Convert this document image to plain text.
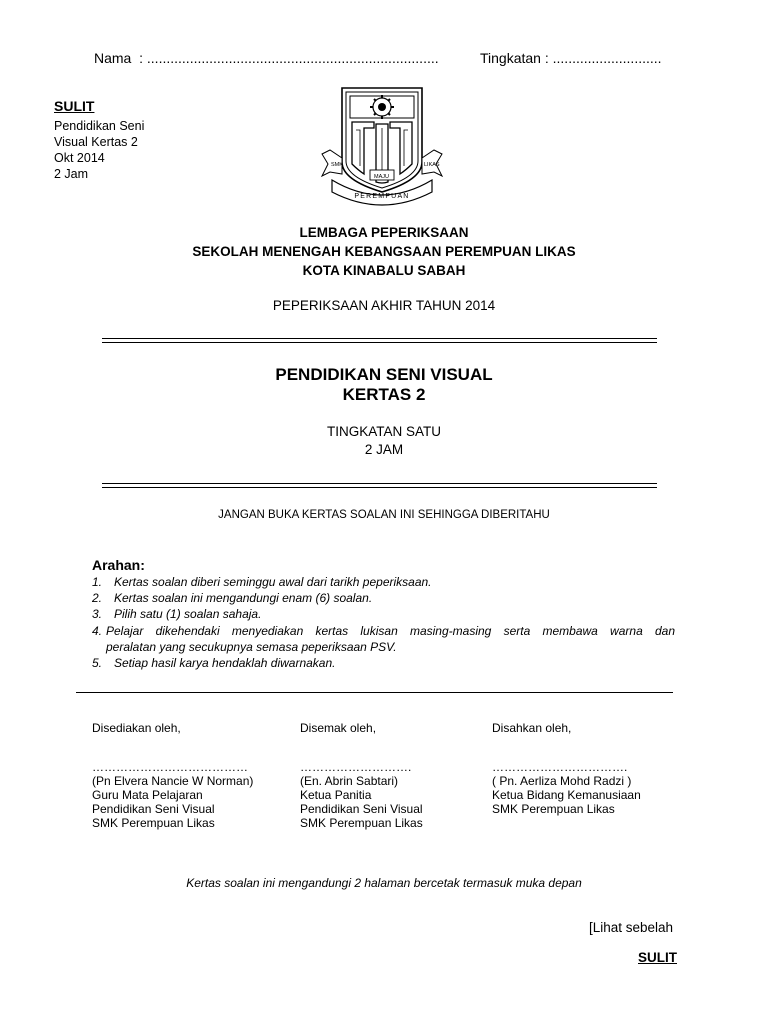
Nama  : ...........................................................................	Tingkatan : ............................
SULIT
Pendidikan Seni
Visual Kertas 2
Okt 2014
2 Jam
SMK
MAJU
LIKAS
PEREMPUAN
LEMBAGA PEPERIKSAAN
SEKOLAH MENENGAH KEBANGSAAN PEREMPUAN LIKAS
KOTA KINABALU SABAH
PEPERIKSAAN AKHIR TAHUN 2014
PENDIDIKAN SENI VISUAL
KERTAS 2
TINGKATAN SATU
2 JAM
JANGAN BUKA KERTAS SOALAN INI SEHINGGA DIBERITAHU
Arahan:
1. Kertas soalan diberi seminggu awal dari tarikh peperiksaan.
2. Kertas soalan ini mengandungi enam (6) soalan.
3. Pilih satu (1) soalan sahaja.
4. Pelajar dikehendaki menyediakan kertas lukisan masing-masing serta membawa warna dan
peralatan yang secukupnya semasa peperiksaan PSV.
5. Setiap hasil karya hendaklah diwarnakan.
Disediakan oleh,
…………………………………
(Pn Elvera Nancie W Norman)
Guru Mata Pelajaran
Pendidikan Seni Visual
SMK Perempuan Likas
Disemak oleh,
……………………….
(En. Abrin Sabtari)
Ketua Panitia
Pendidikan Seni Visual
SMK Perempuan Likas
Disahkan oleh,
…………………………….
( Pn. Aerliza Mohd Radzi )
Ketua Bidang Kemanusiaan
SMK Perempuan Likas
Kertas soalan ini mengandungi 2 halaman bercetak termasuk muka depan
[Lihat sebelah
SULIT
